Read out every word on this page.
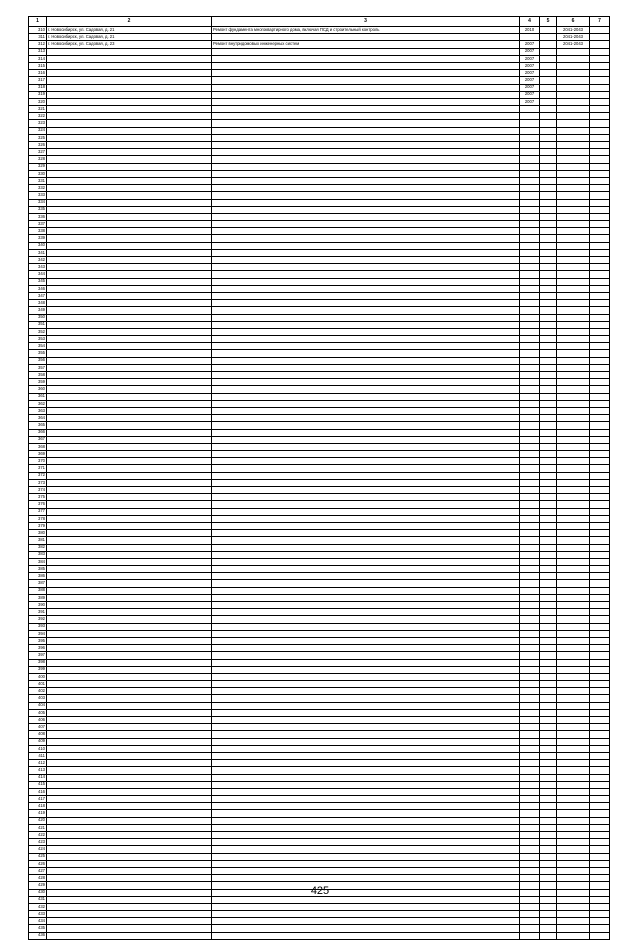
1	2	3	4	5	6	7
310	г. Новосибирск, ул. Садовая, д. 21	Ремонт фундамента многоквартирного дома, включая ПСД и строительный контроль	2010		2041-2043	
311	г. Новосибирск, ул. Садовая, д. 21				2041-2043	
312	г. Новосибирск, ул. Садовая, д. 23	Ремонт внутридомовых инженерных систем	2007		2041-2043	
313			2007			
314			2007			
315			2007			
316			2007			
317			2007			
318			2007			
319			2007			
320			2007			
321						
322						
323						
324						
325						
326						
327						
328						
329						
330						
331						
332						
333						
334						
335						
336						
337						
338						
339						
340						
341						
342						
343						
344						
345						
346						
347						
348						
349						
350						
351						
352						
353						
354						
355						
356						
357						
358						
359						
360						
361						
362						
363						
364						
365						
366						
367						
368						
369						
370						
371						
372						
373						
374						
375						
376						
377						
378						
379						
380						
381						
382						
383						
384						
385						
386						
387						
388						
389						
390						
391						
392						
393						
394						
395						
396						
397						
398						
399						
400						
401						
402						
403						
404						
405						
406						
407						
408						
409						
410						
411						
412						
413						
414						
415						
416						
417						
418						
419						
420						
421						
422						
423						
424						
425						
426						
427						
428						
429						
430						
431						
432						
433						
434						
435						
436						
425
